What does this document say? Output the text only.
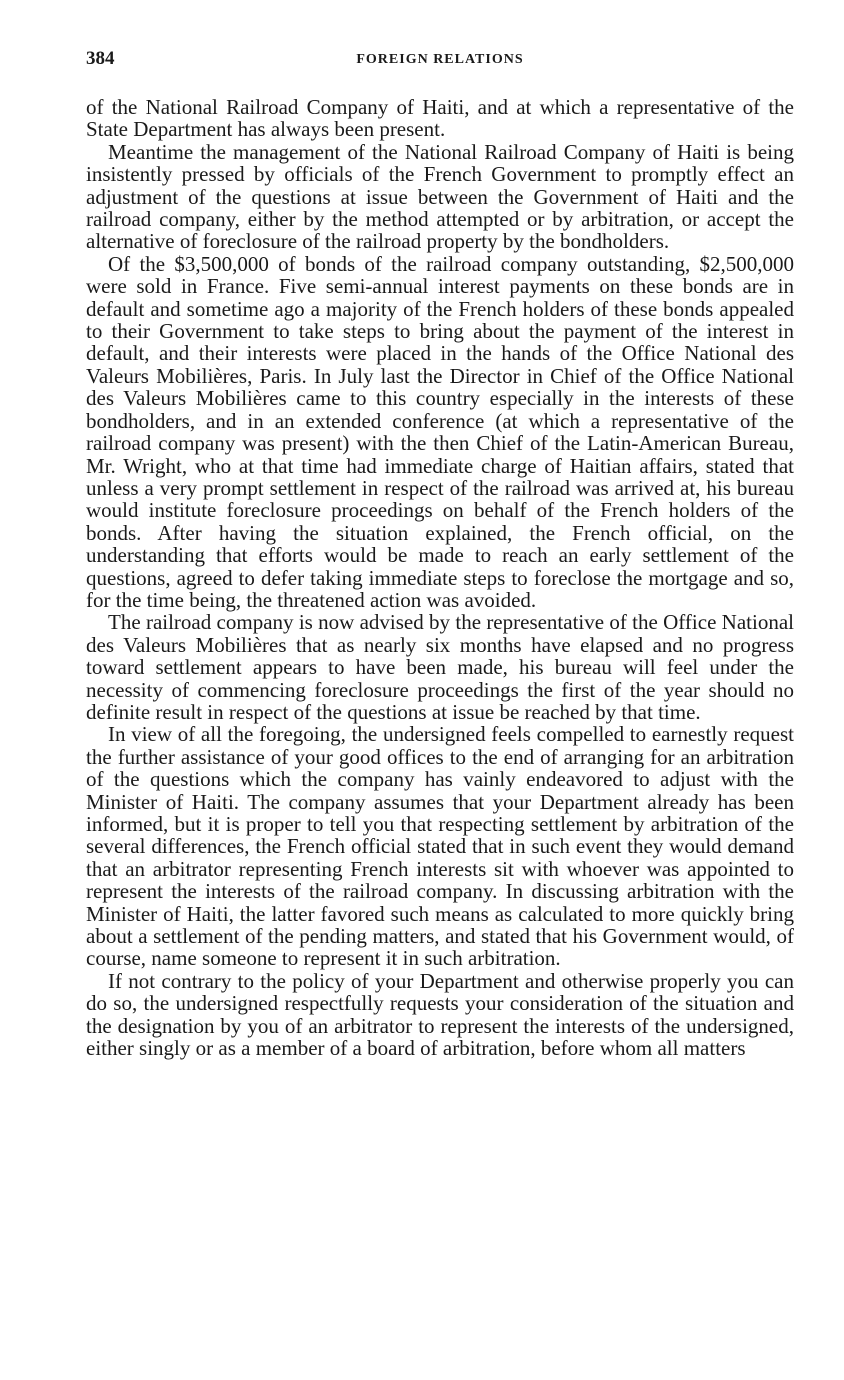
384	FOREIGN RELATIONS

of the National Railroad Company of Haiti, and at which a representative of the State Department has always been present.

Meantime the management of the National Railroad Company of Haiti is being insistently pressed by officials of the French Government to promptly effect an adjustment of the questions at issue between the Government of Haiti and the railroad company, either by the method attempted or by arbitration, or accept the alternative of foreclosure of the railroad property by the bondholders.

Of the $3,500,000 of bonds of the railroad company outstanding, $2,500,000 were sold in France. Five semi-annual interest payments on these bonds are in default and sometime ago a majority of the French holders of these bonds appealed to their Government to take steps to bring about the payment of the interest in default, and their interests were placed in the hands of the Office National des Valeurs Mobilières, Paris. In July last the Director in Chief of the Office National des Valeurs Mobilières came to this country especially in the interests of these bondholders, and in an extended conference (at which a representative of the railroad company was present) with the then Chief of the Latin-American Bureau, Mr. Wright, who at that time had immediate charge of Haitian affairs, stated that unless a very prompt settlement in respect of the railroad was arrived at, his bureau would institute foreclosure proceedings on behalf of the French holders of the bonds. After having the situation explained, the French official, on the understanding that efforts would be made to reach an early settlement of the questions, agreed to defer taking immediate steps to foreclose the mortgage and so, for the time being, the threatened action was avoided.

The railroad company is now advised by the representative of the Office National des Valeurs Mobilières that as nearly six months have elapsed and no progress toward settlement appears to have been made, his bureau will feel under the necessity of commencing foreclosure proceedings the first of the year should no definite result in respect of the questions at issue be reached by that time.

In view of all the foregoing, the undersigned feels compelled to earnestly request the further assistance of your good offices to the end of arranging for an arbitration of the questions which the company has vainly endeavored to adjust with the Minister of Haiti. The company assumes that your Department already has been informed, but it is proper to tell you that respecting settlement by arbitration of the several differences, the French official stated that in such event they would demand that an arbitrator representing French interests sit with whoever was appointed to represent the interests of the railroad company. In discussing arbitration with the Minister of Haiti, the latter favored such means as calculated to more quickly bring about a settlement of the pending matters, and stated that his Government would, of course, name someone to represent it in such arbitration.

If not contrary to the policy of your Department and otherwise properly you can do so, the undersigned respectfully requests your consideration of the situation and the designation by you of an arbitrator to represent the interests of the undersigned, either singly or as a member of a board of arbitration, before whom all matters
